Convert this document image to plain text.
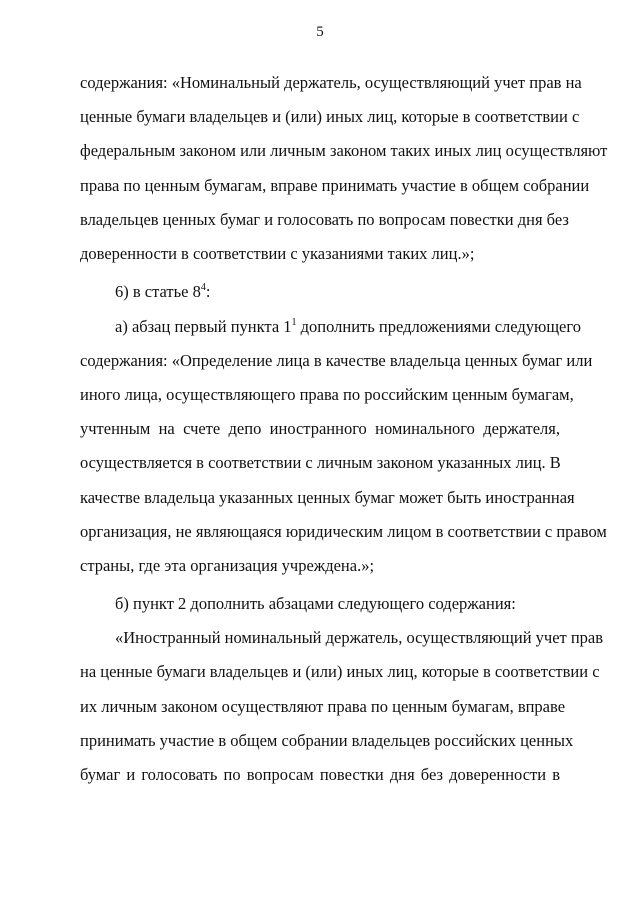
5
содержания: «Номинальный держатель, осуществляющий учет прав на
ценные бумаги владельцев и (или) иных лиц, которые в соответствии с
федеральным законом или личным законом таких иных лиц осуществляют
права по ценным бумагам, вправе принимать участие в общем собрании
владельцев ценных бумаг и голосовать по вопросам повестки дня без
доверенности в соответствии с указаниями таких лиц.»;
6) в статье $8^4$:
а) абзац первый пункта $1^1$ дополнить предложениями следующего
содержания: «Определение лица в качестве владельца ценных бумаг или
иного лица, осуществляющего права по российским ценным бумагам,
учтенным на счете депо иностранного номинального держателя,
осуществляется в соответствии с личным законом указанных лиц. В
качестве владельца указанных ценных бумаг может быть иностранная
организация, не являющаяся юридическим лицом в соответствии с правом
страны, где эта организация учреждена.»;
б) пункт 2 дополнить абзацами следующего содержания:
«Иностранный номинальный держатель, осуществляющий учет прав
на ценные бумаги владельцев и (или) иных лиц, которые в соответствии с
их личным законом осуществляют права по ценным бумагам, вправе
принимать участие в общем собрании владельцев российских ценных
бумаг и голосовать по вопросам повестки дня без доверенности в
